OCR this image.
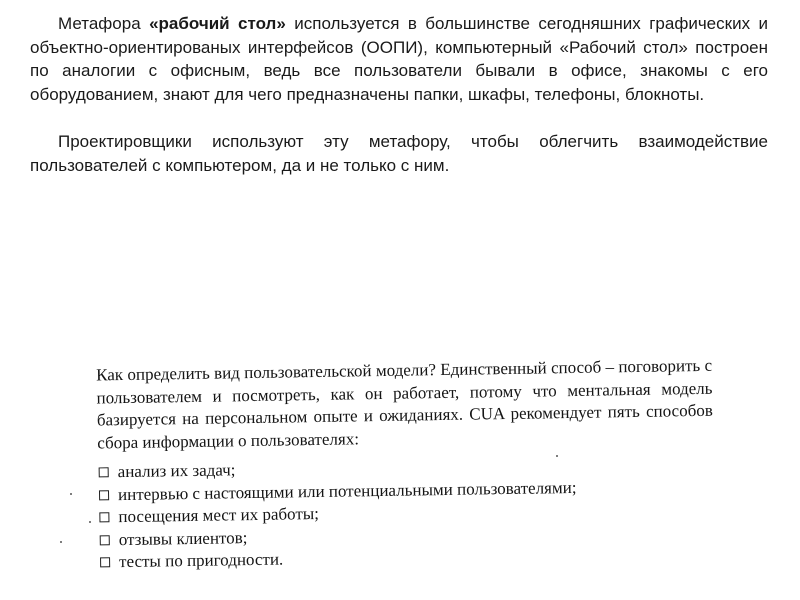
Метафора «рабочий стол» используется в большинстве сегодняшних графических и объектно-ориентированых интерфейсов (ООПИ), компьютерный «Рабочий стол» построен по аналогии с офисным, ведь все пользователи бывали в офисе, знакомы с его оборудованием, знают для чего предназначены папки, шкафы, телефоны, блокноты.

Проектировщики используют эту метафору, чтобы облегчить взаимодействие пользователей с компьютером, да и не только с ним.

Как определить вид пользовательской модели? Единственный способ – поговорить с пользователем и посмотреть, как он работает, потому что ментальная модель базируется на персональном опыте и ожиданиях. CUA рекомендует пять способов сбора информации о пользователях:

анализ их задач;
интервью с настоящими или потенциальными пользователями;
посещения мест их работы;
отзывы клиентов;
тесты по пригодности.
